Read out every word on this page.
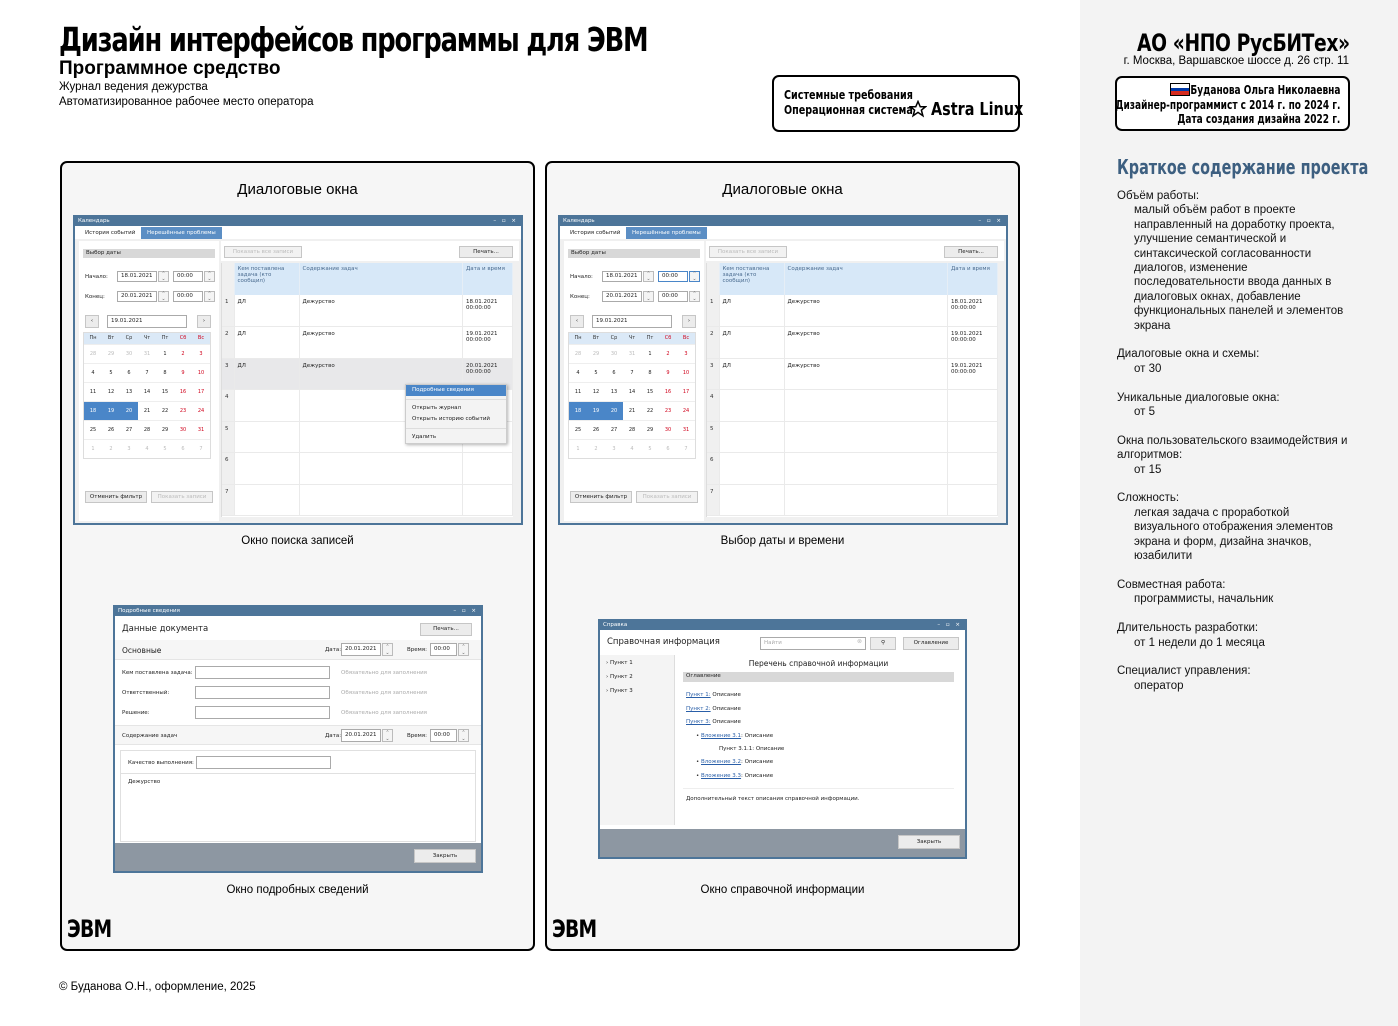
Дизайн интерфейсов программы для ЭВМ
Программное средство
Журнал ведения дежурства
Автоматизированное рабочее место оператора	Системные требования
Операционная система Astra Linux
АО «НПО РусБИТех»
г. Москва, Варшавское шоссе д. 26 стр. 11
Буданова Ольга Николаевна
Дизайнер-программист с 2014 г. по 2024 г.
Дата создания дизайна 2022 г.
Краткое содержание проекта
Объём работы:
малый объём работ в проекте направленный на доработку проекта, улучшение семантической и синтаксической согласованности диалогов, изменение последовательности ввода данных в диалоговых окнах, добавление функциональных панелей и элементов экрана
Диалоговые окна и схемы:
от 30
Уникальные диалоговые окна:
от 5
Окна пользовательского взаимодействия и алгоритмов:
от 15
Сложность:
легкая задача с проработкой визуального отображения элементов экрана и форм, дизайна значков, юзабилити
Совместная работа:
программисты, начальник
Длительность разработки:
от 1 недели до 1 месяца
Специалист управления:
оператор
Диалоговые окна
ЭВМ
Окно поиска записей
Окно подробных сведений
Диалоговые окна
ЭВМ
Выбор даты и времени
Окно справочной информации
Календарь	– ▫ ×
История событий	Нерешённые проблемы
Выбор даты
Начало:	18.01.2021	⌃
⌄	00:00	⌃
⌄
Конец:	20.01.2021	⌃
⌄	00:00	⌃
⌄
‹	19.01.2021	›
Пн	Вт	Ср	Чт	Пт	Сб	Вс
28	29	30	31	1	2	3
4	5	6	7	8	9	10
11	12	13	14	15	16	17
18	19	20	21	22	23	24
25	26	27	28	29	30	31
1	2	3	4	5	6	7
Отменить фильтр	Показать записи
Показать все записи	Печать...
	Кем поставлена задача (кто сообщил)	Содержание задач	Дата и время
1	ДЛ	Дежурство	18.01.2021
00:00:00
2	ДЛ	Дежурство	19.01.2021
00:00:00
3	ДЛ	Дежурство	20.01.2021
00:00:00
4			
5			
6			
7			
Подробные сведения
Открыть журнал
Открыть историю событий
Удалить
Календарь	– ▫ ×
История событий	Нерешённые проблемы
Выбор даты
Начало:	18.01.2021	⌃
⌄	00:00	⌃
⌄
Конец:	20.01.2021	⌃
⌄	00:00	⌃
⌄
‹	19.01.2021	›
Пн	Вт	Ср	Чт	Пт	Сб	Вс
28	29	30	31	1	2	3
4	5	6	7	8	9	10
11	12	13	14	15	16	17
18	19	20	21	22	23	24
25	26	27	28	29	30	31
1	2	3	4	5	6	7
Отменить фильтр	Показать записи
Показать все записи	Печать...
	Кем поставлена задача (кто сообщил)	Содержание задач	Дата и время
1	ДЛ	Дежурство	18.01.2021
00:00:00
2	ДЛ	Дежурство	19.01.2021
00:00:00
3	ДЛ	Дежурство	19.01.2021
00:00:00
4			
5			
6			
7			
Подробные сведения	– ▫ ×
Данные документа	Печать...
Основные	Дата: 20.01.2021	⌃
⌄	Время:	00:00	⌃
⌄
Кем поставлена задача:	Обязательно для заполнения
Ответственный:	Обязательно для заполнения
Решение:	Обязательно для заполнения
Содержание задач	Дата: 20.01.2021	⌃
⌄	Время:	00:00	⌃
⌄
Качество выполнения:
Дежурство
Закрыть
Справка	– ▫ ×
Справочная информация	Найти	⊗	⚲	Оглавление
› Пункт 1
› Пункт 2
› Пункт 3
Перечень справочной информации
Оглавление
Пункт 1: Описание
Пункт 2: Описание
Пункт 3: Описание
• Вложение 3.1: Описание
Пункт 3.1.1: Описание
• Вложение 3.2: Описание
• Вложение 3.3: Описание
Дополнительный текст описания справочной информации.
Закрыть
© Буданова О.Н., оформление, 2025
